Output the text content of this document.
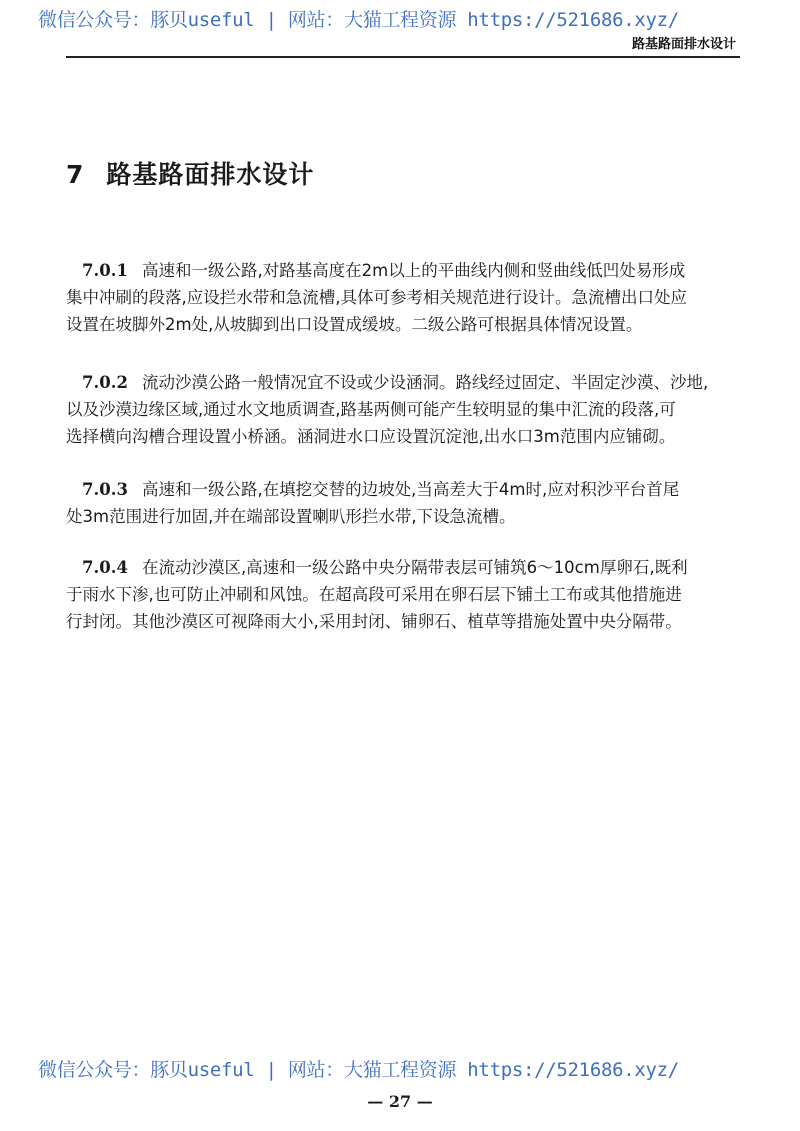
微信公众号：豚贝useful | 网站：大猫工程资源 https://521686.xyz/
路基路面排水设计
7 路基路面排水设计
7.0.1 高速和一级公路,对路基高度在2m以上的平曲线内侧和竖曲线低凹处易形成
集中冲刷的段落,应设拦水带和急流槽,具体可参考相关规范进行设计。急流槽出口处应
设置在坡脚外2m处,从坡脚到出口设置成缓坡。二级公路可根据具体情况设置。
7.0.2 流动沙漠公路一般情况宜不设或少设涵洞。路线经过固定、半固定沙漠、沙地,
以及沙漠边缘区域,通过水文地质调查,路基两侧可能产生较明显的集中汇流的段落,可
选择横向沟槽合理设置小桥涵。涵洞进水口应设置沉淀池,出水口3m范围内应铺砌。
7.0.3 高速和一级公路,在填挖交替的边坡处,当高差大于4m时,应对积沙平台首尾
处3m范围进行加固,并在端部设置喇叭形拦水带,下设急流槽。
7.0.4 在流动沙漠区,高速和一级公路中央分隔带表层可铺筑6～10cm厚卵石,既利
于雨水下渗,也可防止冲刷和风蚀。在超高段可采用在卵石层下铺土工布或其他措施进
行封闭。其他沙漠区可视降雨大小,采用封闭、铺卵石、植草等措施处置中央分隔带。
微信公众号：豚贝useful | 网站：大猫工程资源 https://521686.xyz/
— 27 —
